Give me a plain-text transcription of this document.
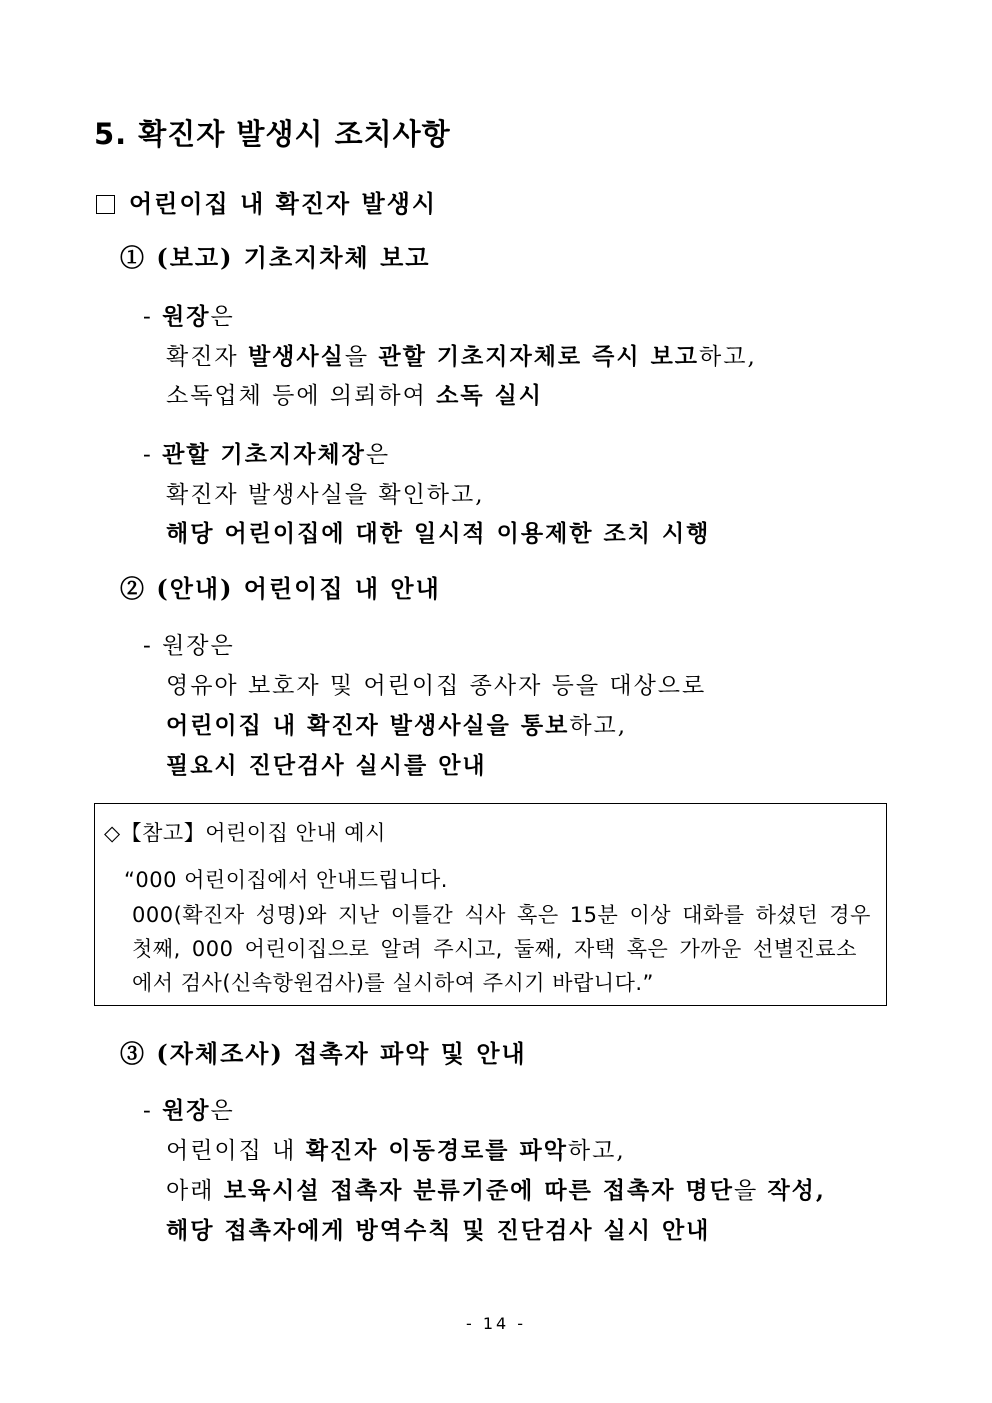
5. 확진자 발생시 조치사항
어린이집 내 확진자 발생시
① (보고) 기초지차체 보고
- 원장은
확진자 발생사실을 관할 기초지자체로 즉시 보고하고,
소독업체 등에 의뢰하여 소독 실시
- 관할 기초지자체장은
확진자 발생사실을 확인하고,
해당 어린이집에 대한 일시적 이용제한 조치 시행
② (안내) 어린이집 내 안내
- 원장은
영유아 보호자 및 어린이집 종사자 등을 대상으로
어린이집 내 확진자 발생사실을 통보하고,
필요시 진단검사 실시를 안내
◇【참고】어린이집 안내 예시
“000 어린이집에서 안내드립니다.
000(확진자 성명)와 지난 이틀간 식사 혹은 15분 이상 대화를 하셨던 경우
첫째, 000 어린이집으로 알려 주시고, 둘째, 자택 혹은 가까운 선별진료소
에서 검사(신속항원검사)를 실시하여 주시기 바랍니다.”
③ (자체조사) 접촉자 파악 및 안내
- 원장은
어린이집 내 확진자 이동경로를 파악하고,
아래 보육시설 접촉자 분류기준에 따른 접촉자 명단을 작성,
해당 접촉자에게 방역수칙 및 진단검사 실시 안내
- 14 -
